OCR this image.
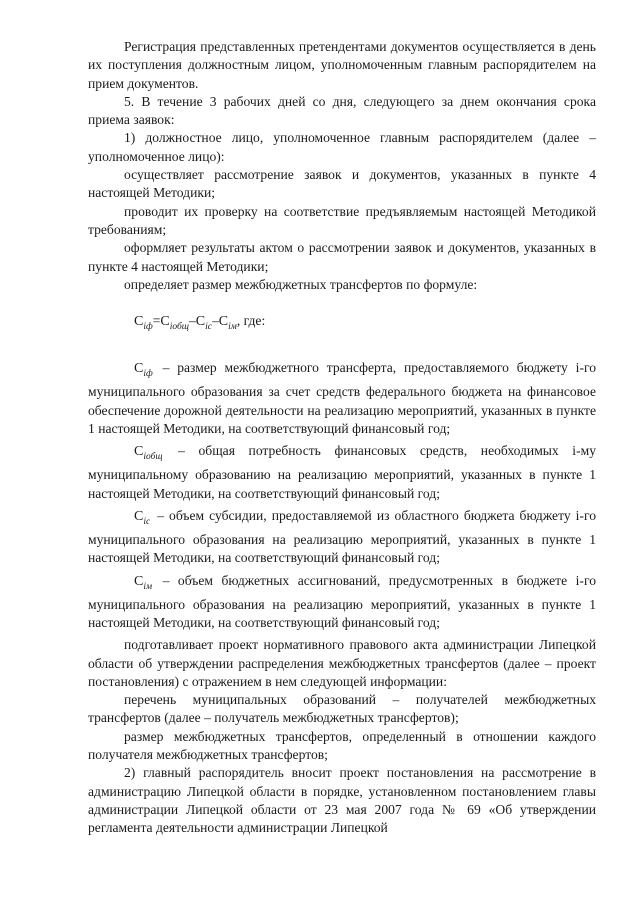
Регистрация представленных претендентами документов осуществляется в день их поступления должностным лицом, уполномоченным главным распорядителем на прием документов.

5. В течение 3 рабочих дней со дня, следующего за днем окончания срока приема заявок:

1) должностное лицо, уполномоченное главным распорядителем (далее – уполномоченное лицо):

осуществляет рассмотрение заявок и документов, указанных в пункте 4 настоящей Методики;

проводит их проверку на соответствие предъявляемым настоящей Методикой требованиям;

оформляет результаты актом о рассмотрении заявок и документов, указанных в пункте 4 настоящей Методики;

определяет размер межбюджетных трансфертов по формуле:

$C_{iф}=C_{iобщ}-C_{iс}-C_{iм}$, где:

$C_{iф}$ – размер межбюджетного трансферта, предоставляемого бюджету i-го муниципального образования за счет средств федерального бюджета на финансовое обеспечение дорожной деятельности на реализацию мероприятий, указанных в пункте 1 настоящей Методики, на соответствующий финансовый год;

$C_{iобщ}$ – общая потребность финансовых средств, необходимых i-му муниципальному образованию на реализацию мероприятий, указанных в пункте 1 настоящей Методики, на соответствующий финансовый год;

$C_{iс}$ – объем субсидии, предоставляемой из областного бюджета бюджету i-го муниципального образования на реализацию мероприятий, указанных в пункте 1 настоящей Методики, на соответствующий финансовый год;

$C_{iм}$ – объем бюджетных ассигнований, предусмотренных в бюджете i-го муниципального образования на реализацию мероприятий, указанных в пункте 1 настоящей Методики, на соответствующий финансовый год;

подготавливает проект нормативного правового акта администрации Липецкой области об утверждении распределения межбюджетных трансфертов (далее – проект постановления) с отражением в нем следующей информации:

перечень муниципальных образований – получателей межбюджетных трансфертов (далее – получатель межбюджетных трансфертов);

размер межбюджетных трансфертов, определенный в отношении каждого получателя межбюджетных трансфертов;

2) главный распорядитель вносит проект постановления на рассмотрение в администрацию Липецкой области в порядке, установленном постановлением главы администрации Липецкой области от 23 мая 2007 года № 69 «Об утверждении регламента деятельности администрации Липецкой
